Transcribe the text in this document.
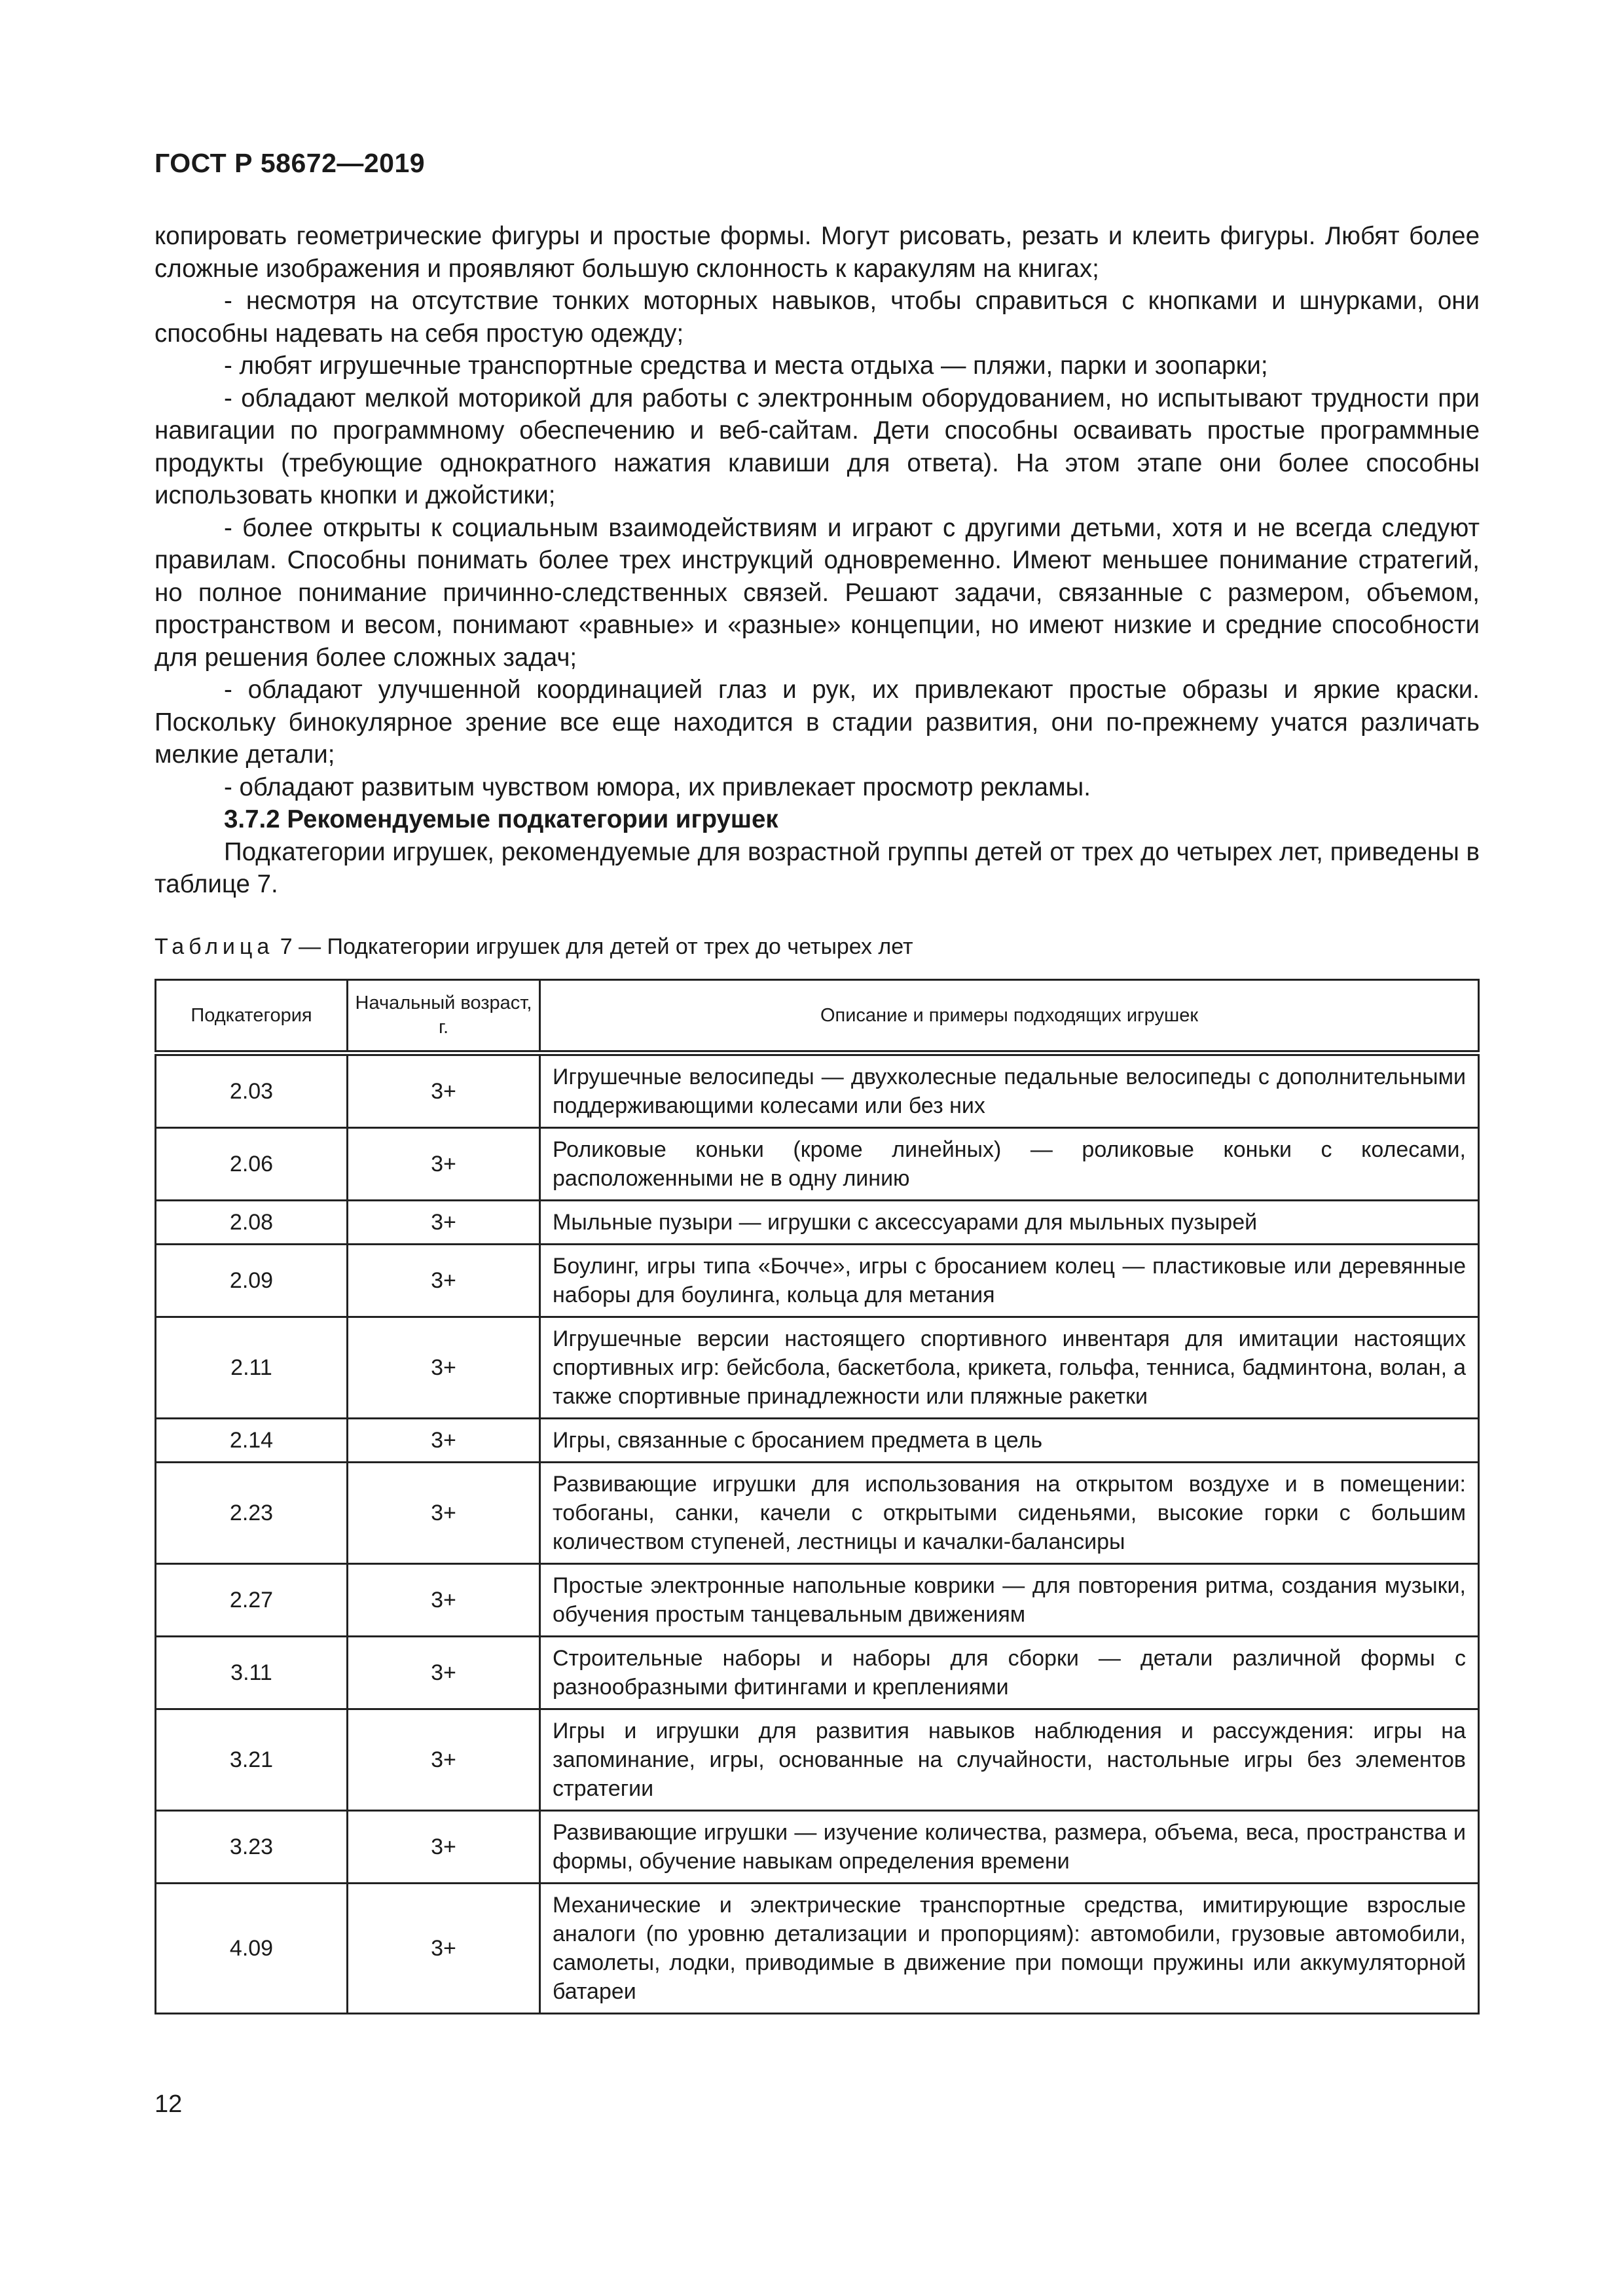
ГОСТ Р 58672—2019

копировать геометрические фигуры и простые формы. Могут рисовать, резать и клеить фигуры. Любят более сложные изображения и проявляют большую склонность к каракулям на книгах;

- несмотря на отсутствие тонких моторных навыков, чтобы справиться с кнопками и шнурками, они способны надевать на себя простую одежду;

- любят игрушечные транспортные средства и места отдыха — пляжи, парки и зоопарки;

- обладают мелкой моторикой для работы с электронным оборудованием, но испытывают трудности при навигации по программному обеспечению и веб-сайтам. Дети способны осваивать простые программные продукты (требующие однократного нажатия клавиши для ответа). На этом этапе они более способны использовать кнопки и джойстики;

- более открыты к социальным взаимодействиям и играют с другими детьми, хотя и не всегда следуют правилам. Способны понимать более трех инструкций одновременно. Имеют меньшее понимание стратегий, но полное понимание причинно-следственных связей. Решают задачи, связанные с размером, объемом, пространством и весом, понимают «равные» и «разные» концепции, но имеют низкие и средние способности для решения более сложных задач;

- обладают улучшенной координацией глаз и рук, их привлекают простые образы и яркие краски. Поскольку бинокулярное зрение все еще находится в стадии развития, они по-прежнему учатся различать мелкие детали;

- обладают развитым чувством юмора, их привлекает просмотр рекламы.

3.7.2 Рекомендуемые подкатегории игрушек

Подкатегории игрушек, рекомендуемые для возрастной группы детей от трех до четырех лет, приведены в таблице 7.

Таблица 7 — Подкатегории игрушек для детей от трех до четырех лет
Подкатегория	Начальный возраст, г.	Описание и примеры подходящих игрушек
2.03	3+	Игрушечные велосипеды — двухколесные педальные велосипеды с дополнительными поддерживающими колесами или без них
2.06	3+	Роликовые коньки (кроме линейных) — роликовые коньки с колесами, расположенными не в одну линию
2.08	3+	Мыльные пузыри — игрушки с аксессуарами для мыльных пузырей
2.09	3+	Боулинг, игры типа «Бочче», игры с бросанием колец — пластиковые или деревянные наборы для боулинга, кольца для метания
2.11	3+	Игрушечные версии настоящего спортивного инвентаря для имитации настоящих спортивных игр: бейсбола, баскетбола, крикета, гольфа, тенниса, бадминтона, волан, а также спортивные принадлежности или пляжные ракетки
2.14	3+	Игры, связанные с бросанием предмета в цель
2.23	3+	Развивающие игрушки для использования на открытом воздухе и в помещении: тобоганы, санки, качели с открытыми сиденьями, высокие горки с большим количеством ступеней, лестницы и качалки-балансиры
2.27	3+	Простые электронные напольные коврики — для повторения ритма, создания музыки, обучения простым танцевальным движениям
3.11	3+	Строительные наборы и наборы для сборки — детали различной формы с разнообразными фитингами и креплениями
3.21	3+	Игры и игрушки для развития навыков наблюдения и рассуждения: игры на запоминание, игры, основанные на случайности, настольные игры без элементов стратегии
3.23	3+	Развивающие игрушки — изучение количества, размера, объема, веса, пространства и формы, обучение навыкам определения времени
4.09	3+	Механические и электрические транспортные средства, имитирующие взрослые аналоги (по уровню детализации и пропорциям): автомобили, грузовые автомобили, самолеты, лодки, приводимые в движение при помощи пружины или аккумуляторной батареи
12
